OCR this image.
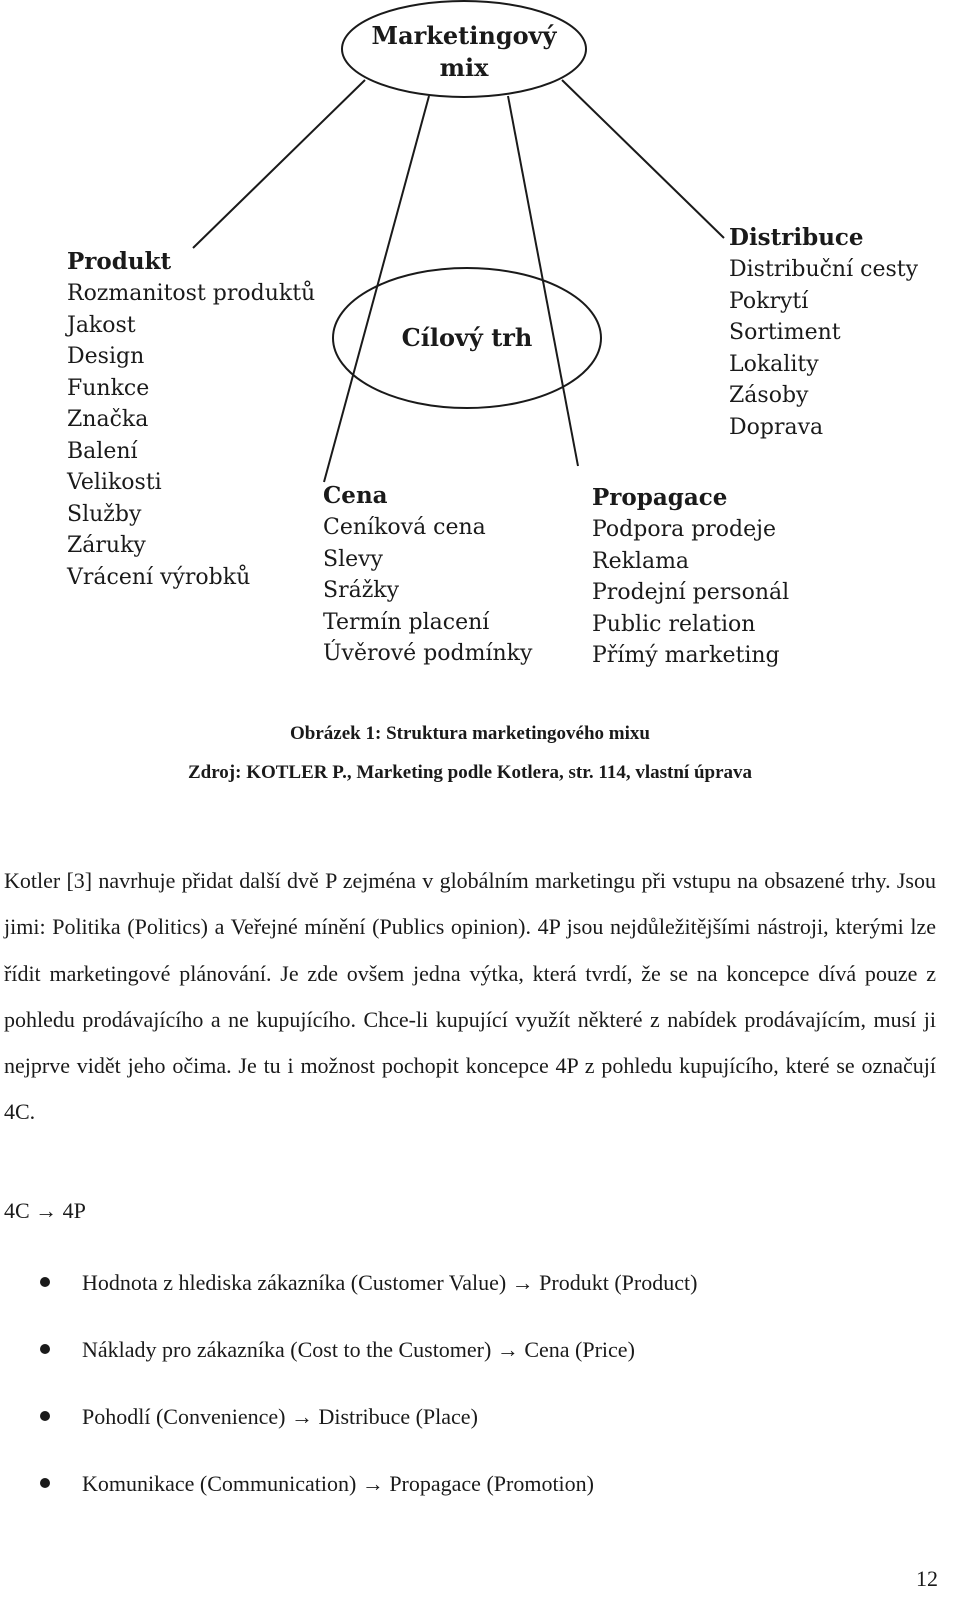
Marketingový
mix
Cílový trh
Produkt
Rozmanitost produktů
Jakost
Design
Funkce
Značka
Balení
Velikosti
Služby
Záruky
Vrácení výrobků
Distribuce
Distribuční cesty
Pokrytí
Sortiment
Lokality
Zásoby
Doprava
Cena
Ceníková cena
Slevy
Srážky
Termín placení
Úvěrové podmínky
Propagace
Podpora prodeje
Reklama
Prodejní personál
Public relation
Přímý marketing
Obrázek 1: Struktura marketingového mixu
Zdroj: KOTLER P., Marketing podle Kotlera, str. 114, vlastní úprava

Kotler [3] navrhuje přidat další dvě P zejména v globálním marketingu při vstupu na obsazené trhy. Jsou jimi: Politika (Politics) a Veřejné mínění (Publics opinion). 4P jsou nejdůležitějšími nástroji, kterými lze řídit marketingové plánování. Je zde ovšem jedna výtka, která tvrdí, že se na koncepce dívá pouze z pohledu prodávajícího a ne kupujícího. Chce-li kupující využít některé z nabídek prodávajícím, musí ji nejprve vidět jeho očima. Je tu i možnost pochopit koncepce 4P z pohledu kupujícího, které se označují 4C.

4C → 4P
Hodnota z hlediska zákazníka (Customer Value) → Produkt (Product)
Náklady pro zákazníka (Cost to the Customer) → Cena (Price)
Pohodlí (Convenience) → Distribuce (Place)
Komunikace (Communication) → Propagace (Promotion)
12
